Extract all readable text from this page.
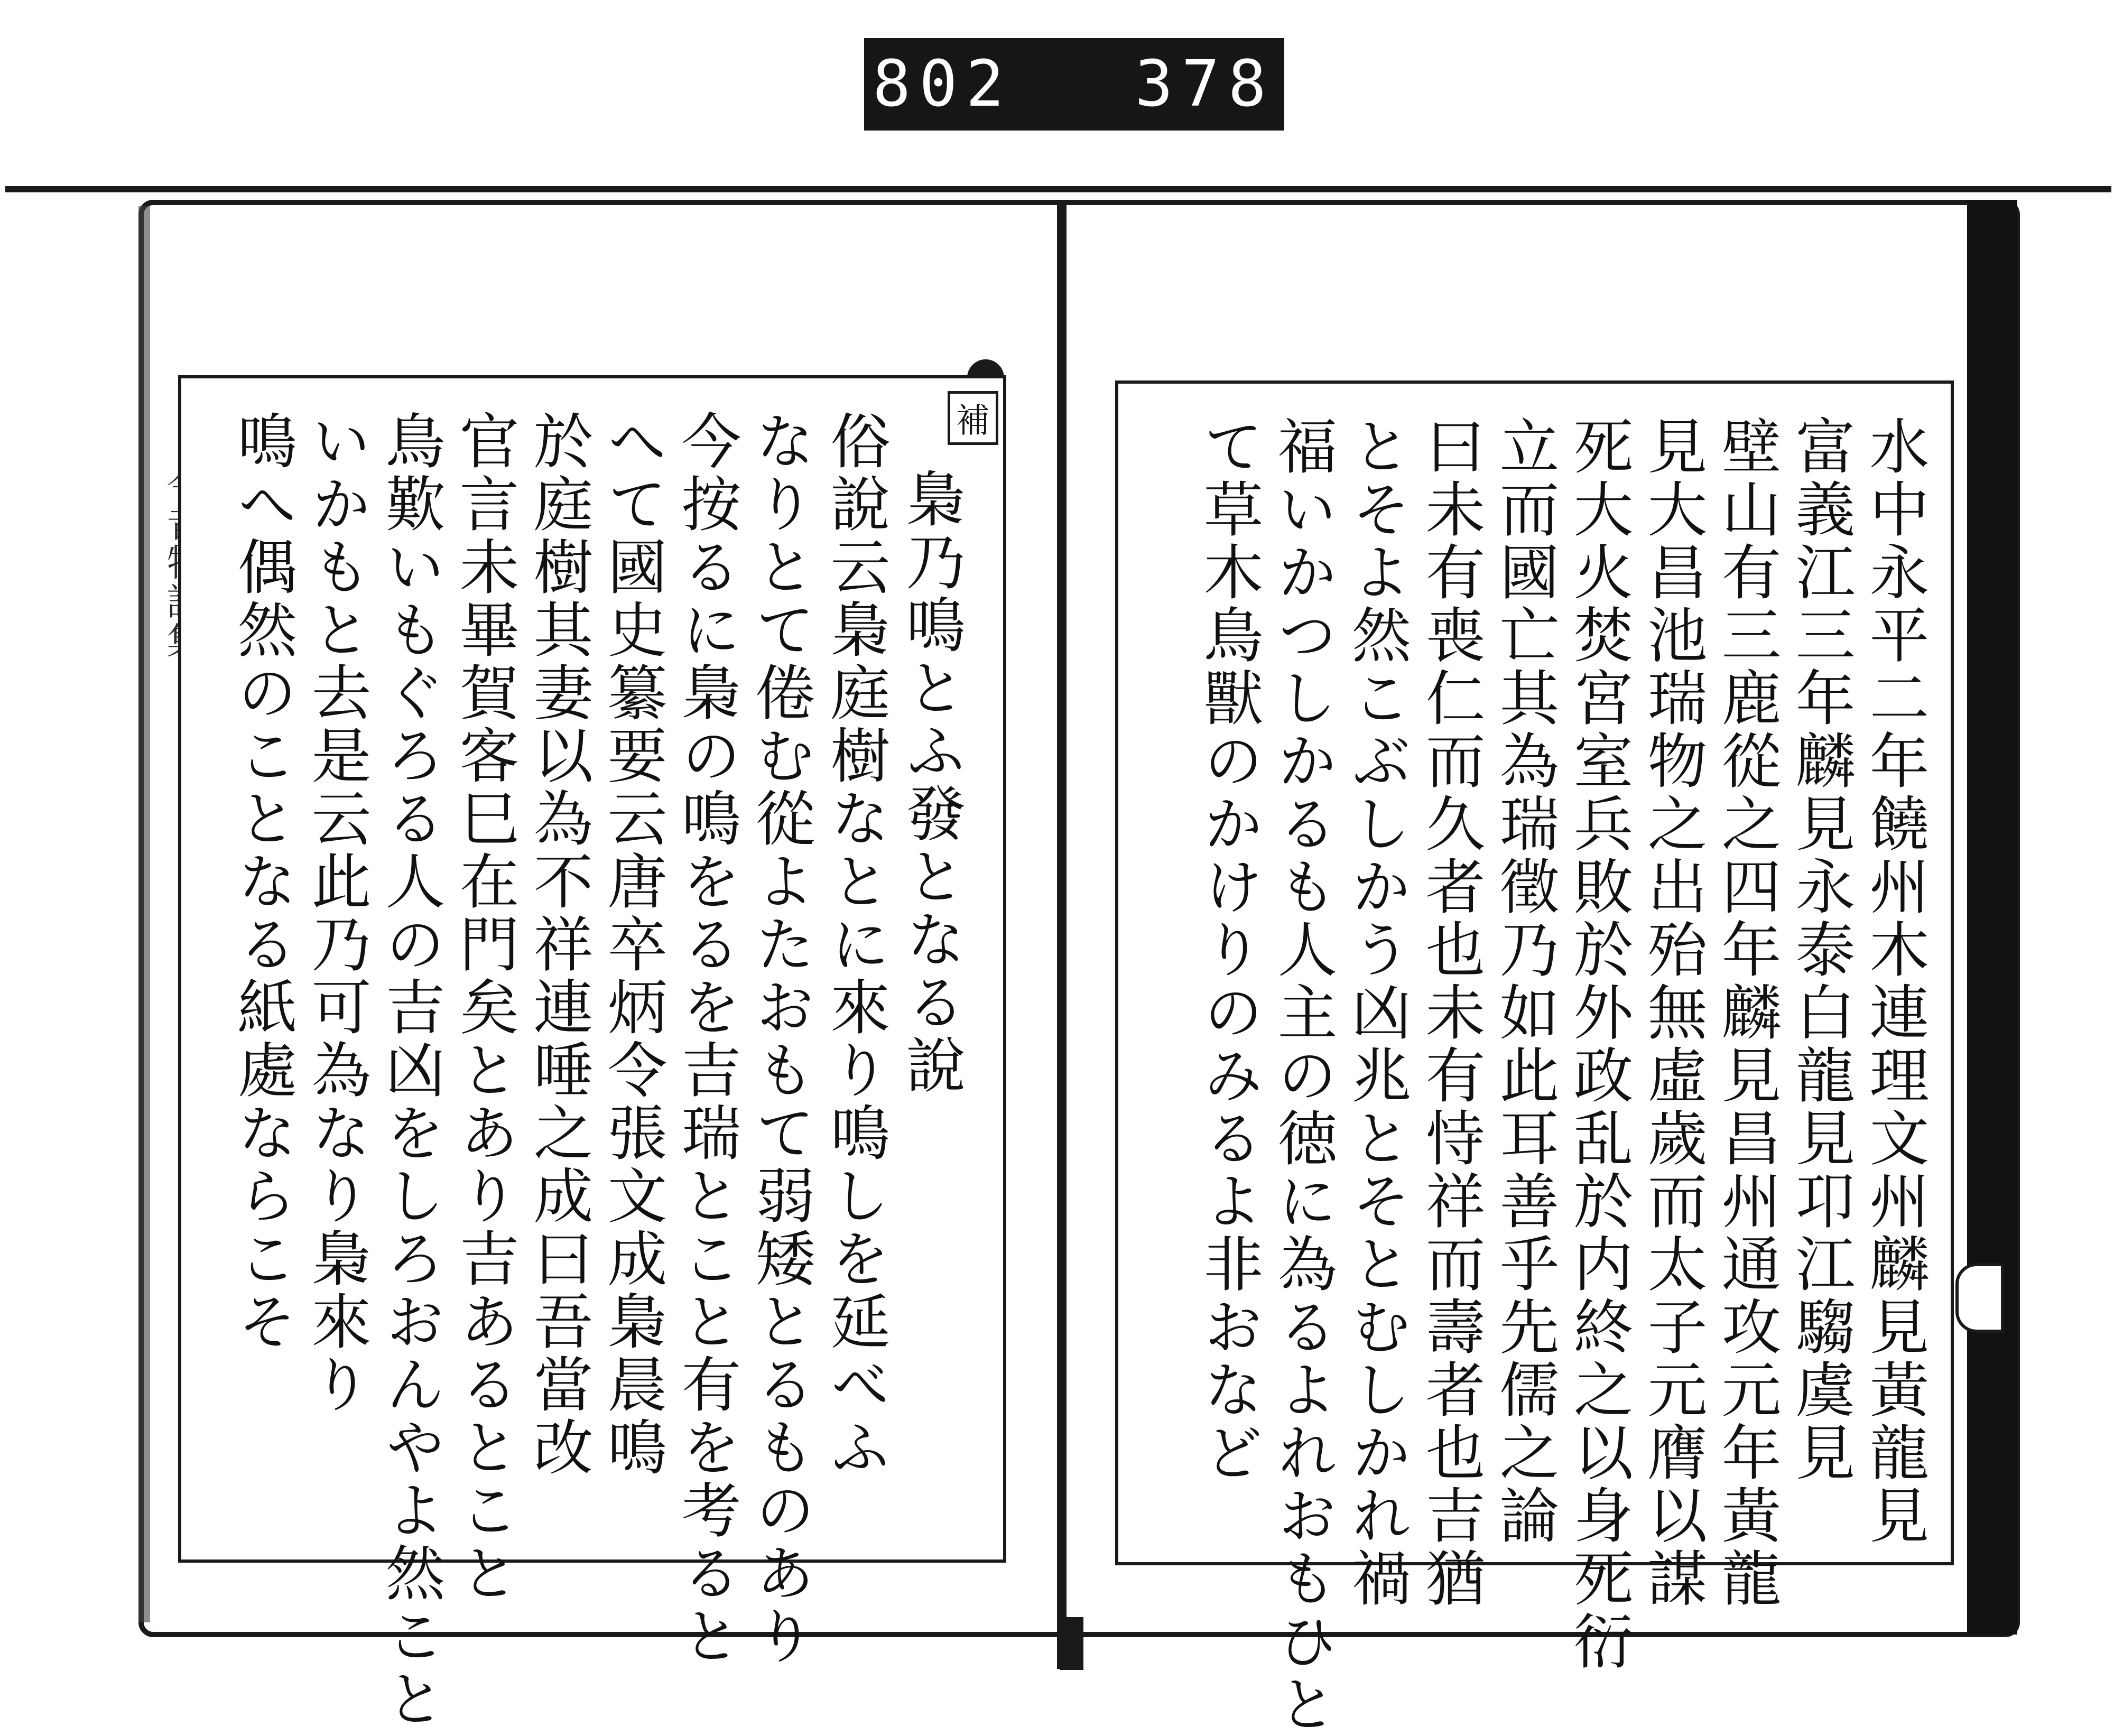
802 378
補
梟乃鳴とふ發となる說
俗說云梟庭樹なとに來り鳴しを延べふ
なりとて倦む從よたおもて弱矮とるものあり
今按るに梟の鳴をるを吉瑞とこと有を考ると
へて國史纂要云唐卒炳令張文成梟晨鳴
於庭樹其妻以為不祥連唾之成曰吾當改
官言未畢賀客巳在門矣とあり吉あるとこと
鳥歎いもぐろる人の吉凶をしろおんやよ然こと
いかもと去是云此乃可為なり梟來り
鳴へ偶然のことなる紙處ならこそ	水中永平二年饒州木連理文州麟見黃龍見
富義江三年麟見永泰白龍見卭江騶虞見
壁山有三鹿從之四年麟見昌州通攻元年黃龍
見大昌池瑞物之出殆無虛歲而太子元膺以謀
死大火焚宮室兵敗於外政乱於内終之以身死衍
立而國亡其為瑞徵乃如此耳善乎先儒之論
曰未有喪仁而久者也未有恃祥而壽者也吉猶
とそよ然こぶしかう凶兆とそとむしかれ禍
福いかつしかるも人主の徳に為るよれおもひと
て草木鳥獸のかけりのみるよ非おなど
